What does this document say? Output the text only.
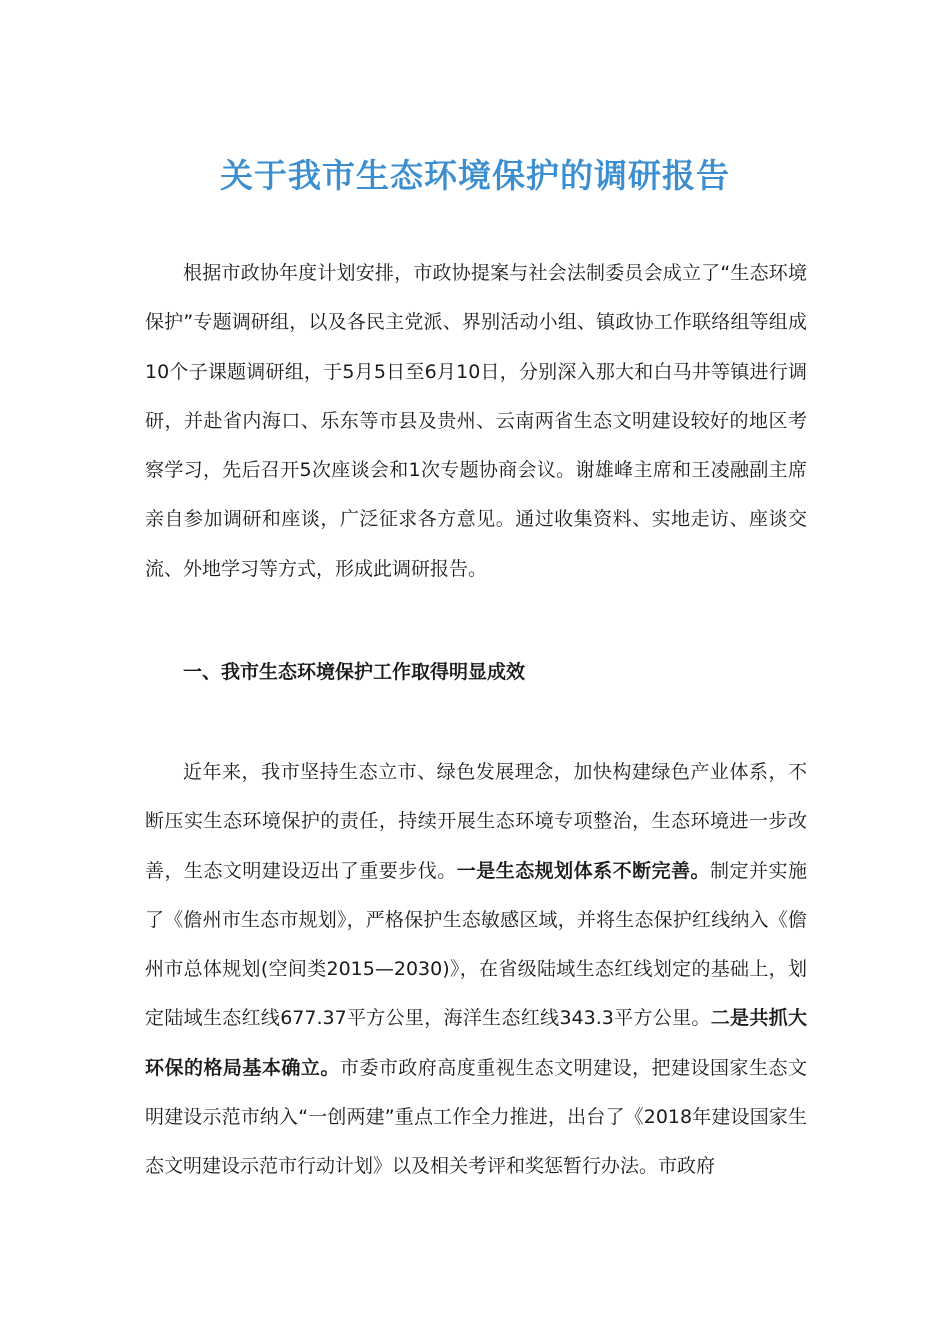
关于我市生态环境保护的调研报告

根据市政协年度计划安排，市政协提案与社会法制委员会成立了“生态环境保护”专题调研组，以及各民主党派、界别活动小组、镇政协工作联络组等组成10个子课题调研组，于5月5日至6月10日，分别深入那大和白马井等镇进行调研，并赴省内海口、乐东等市县及贵州、云南两省生态文明建设较好的地区考察学习，先后召开5次座谈会和1次专题协商会议。谢雄峰主席和王凌融副主席亲自参加调研和座谈，广泛征求各方意见。通过收集资料、实地走访、座谈交流、外地学习等方式，形成此调研报告。

一、我市生态环境保护工作取得明显成效

近年来，我市坚持生态立市、绿色发展理念，加快构建绿色产业体系，不断压实生态环境保护的责任，持续开展生态环境专项整治，生态环境进一步改善，生态文明建设迈出了重要步伐。一是生态规划体系不断完善。制定并实施了《儋州市生态市规划》，严格保护生态敏感区域，并将生态保护红线纳入《儋州市总体规划(空间类2015—2030)》，在省级陆域生态红线划定的基础上，划定陆域生态红线677.37平方公里，海洋生态红线343.3平方公里。二是共抓大环保的格局基本确立。市委市政府高度重视生态文明建设，把建设国家生态文明建设示范市纳入“一创两建”重点工作全力推进，出台了《2018年建设国家生态文明建设示范市行动计划》以及相关考评和奖惩暂行办法。市政府
